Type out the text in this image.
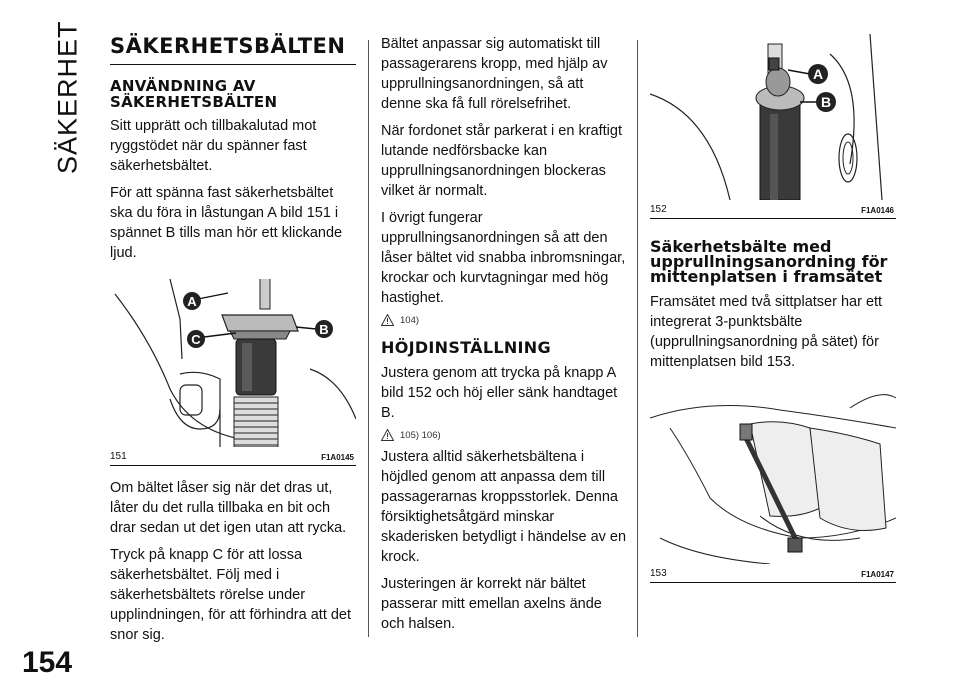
SÄKERHET
154
SÄKERHETSBÄLTEN
ANVÄNDNING AV SÄKERHETSBÄLTEN

Sitt upprätt och tillbakalutad mot ryggstödet när du spänner fast säkerhetsbältet.

För att spänna fast säkerhetsbältet ska du föra in låstungan A bild 151 i spännet B tills man hör ett klickande ljud.

A
C
B
151	F1A0145

Om bältet låser sig när det dras ut, låter du det rulla tillbaka en bit och drar sedan ut det igen utan att rycka.

Tryck på knapp C för att lossa säkerhetsbältet. Följ med i säkerhetsbältets rörelse under upplindningen, för att förhindra att det snor sig.

Bältet anpassar sig automatiskt till passagerarens kropp, med hjälp av upprullningsanordningen, så att denne ska få full rörelsefrihet.

När fordonet står parkerat i en kraftigt lutande nedförsbacke kan upprullningsanordningen blockeras vilket är normalt.

I övrigt fungerar upprullningsanordningen så att den låser bältet vid snabba inbromsningar, krockar och kurvtagningar med hög hastighet.

104)
HÖJDINSTÄLLNING

Justera genom att trycka på knapp A bild 152 och höj eller sänk handtaget B.

105) 106)

Justera alltid säkerhetsbältena i höjdled genom att anpassa dem till passagerarnas kroppsstorlek. Denna försiktighetsåtgärd minskar skaderisken betydligt i händelse av en krock.

Justeringen är korrekt när bältet passerar mitt emellan axelns ände och halsen.

A
B
152	F1A0146
Säkerhetsbälte med upprullningsanordning för mittenplatsen i framsätet

Framsätet med två sittplatser har ett integrerat 3-punktsbälte (upprullningsanordning på sätet) för mittenplatsen bild 153.

153	F1A0147
